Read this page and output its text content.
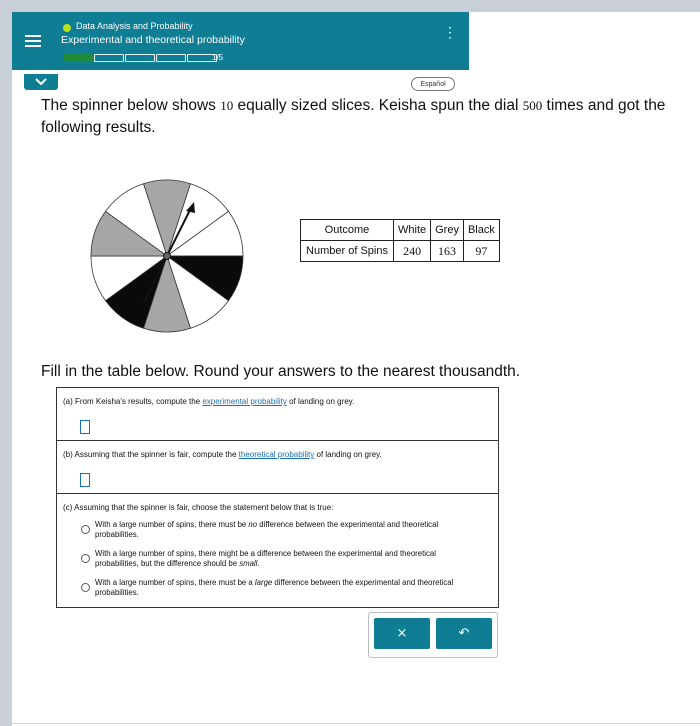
Data Analysis and Probability
Experimental and theoretical probability	⋮
1/5
Español
The spinner below shows 10 equally sized slices. Keisha spun the dial 500 times and got the following results.
Outcome	White	Grey	Black
Number of Spins	240	163	97
Fill in the table below. Round your answers to the nearest thousandth.
(a) From Keisha's results, compute the experimental probability of landing on grey.
(b) Assuming that the spinner is fair, compute the theoretical probability of landing on grey.
(c) Assuming that the spinner is fair, choose the statement below that is true:
With a large number of spins, there must be no difference between the experimental and theoretical probabilities.
With a large number of spins, there might be a difference between the experimental and theoretical probabilities, but the difference should be small.
With a large number of spins, there must be a large difference between the experimental and theoretical probabilities.
×	↶
